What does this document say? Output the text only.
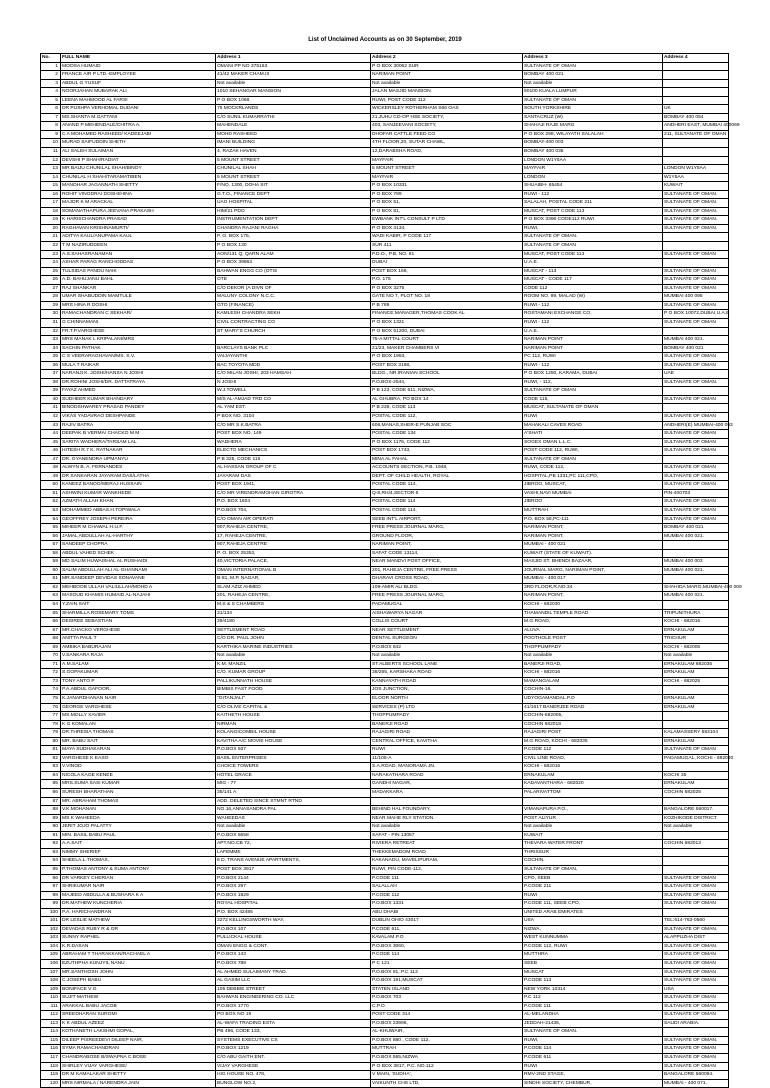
List of Unclaimed Accounts as on 30 September, 2019
No.	FULL NAME	Address 1	Address 2	Address 3	Address 4
1	MOOSA HUMAID	OMANI PP NO 375163	P O BOX 30062 SUR	SULTANATE OF OMAN	
2	FRANCE AIR P LTD.-EMPLOYEE	41/42 MAKER CHAM.III	NARIMAN POINT	BOMBAY 400 021	
3	ABDUL G YUSUF	Not available	Not available	Not available	
4	NOORJAHAN MUBARAK ALI	1010 SEHANGAR MANSION	JALAN MASJID MANSION	50100 KUALA LUMPUR	
5	LEENA MAHMOOD AL FARSI	P O BOX 1068	RUWI, POST CODE 112	SULTANATE OF OMAN	
6	DR PUSHPA VERHOMAL DUDANI	75 MOCKRLANDS	WICKERSLEY ROTHERHAM S66 OAS	SOUTH YORKSHIRE	UK
7	MS.SHANTA M.GATTANI	C/O SUNIL KUMARRATHI	21,JUHU CO-OP HSE SOCIETY,	SANTACRUZ (W)	BOMBAY 400 054
8	ANAND P MEHENDALE/CHITRA A.	MAHENDALE	403, SANJEEVANI SOCIETY,	SHAHAJI RAJE MARG	ANDHERI EAST, MUMBAI 400069
9	C A MOHAMED RASHEED/ KADEEJABI	MOHD RASHEED	DHOFAR CATTLE FEED CO	P O BOX 298, WILAYATH SALALAH	211, SULTANATE OF OMAN
10	MURAD SAIFUDDIN SHETH	IMANI BUILDING	4TH FLOOR,20, SUTAR CHAWL,	BOMBAY-400 003	
11	ALI SALEH SULAIMAN	4, RAZAK HAVEN	12,DARABSHA ROAD,	BOMBAY 400 036	
12	DEVSHI P SHAH/RADIAT	5 MOUNT STREET	MAYFAIR	LONDON W1Y5AA	
13	MR BAIJU CHUNILAL SHAH/BINOY	CHUNILAL SHAH	5 MOUNT STREET	MAYFAIR	LONDON W1Y5AA
14	CHUNILAL H SHAH/TARAMATIBEN	5 MOUNT STREET	MAYFAIR	LONDON	W1Y5AA
15	MANOHAR JAGANNATH SHETTY	F/NO. 1300, DOHA SIT	P O BOX 10331	SHUAIBH- 65454	KUWAIT
16	ROHIT VINODRAI DOSHI/HINA	G.T.O., FINANCE DEPT	P O BOX 789	RUWI - 112	SULTANATE OF OMAN.
17	MAJOR K M ARACKAL	UAG HOSPITAL	P O BOX 51,	SALALAH, POSTAL CODE 211	SULTANATE OF OMAN.
18	SOMANATHAPURA JEEVANA PRAKASH	HIM/21 PDO	P O BOX 81,	MUSCAT, POST CODE 113	SULTANATE OF OMAN.
19	K HARISCHANDRA PRASAD	INSTRUMENTATION DEPT	EWBANK INT'L CONSULT P LTD	P O BOX 3396 CODE112 RUWI	SULTANATE OF OMAN.
20	RAGHAVAN KRISHNAMURTI/	CHANDRA RAJANI RAGHA	P O BOX 3134,	RUWI,	SULTANATE OF OMAN.
21	ADITYA KAUL/ANUPAMA KAUL	P. O. BOX 175,	WADI KABIR, P CODE 117	SULTANATE OF OMAN.	
22	T M NAZIRUDDEEN	P O BOX 130	SUR 411	SULTANATE OF OMAN	
23	A.S.SAHASRANAMAN	AON/131 Q, QARN ALAM	P.D.O., P.B. NO. 81	MUSCAT, POST CODE 113	SULTANATE OF OMAN
24	ASHAR PARAG RANCHODDAS	P O BOX 39863	DUBAI	U.A.E.	
25	TULSIDAS PANDU NAIK	BAHWAN ENGG CO (OTIS	POST BOX 169,	MUSCAT - 113	SULTANATE OF OMAN
26	A.D. BAHUJANU BAHL	OTE	P.O. 175	MUSCAT - CODE 117	SULTANATE OF OMAN
27	RAJ SHANKAR	C/O DEKOR (A DIVN OF	P O BOX 3275	CODE 112	SULTANATE OF OMAN
28	UMAR SHABUDDIN MAMTULE	MALUNY COLONY N.C.C.	GATE NO 7, PLOT NO. 18	ROOM NO. 99, MALAD (W)	MUMBAI 400 095
29	MRS HINA R DOSHI	GTO (FINANCE)	P B 789	RUWI - 112	SULTANATE OF OMAN
30	RAMACHANDRAN C SEKHAR/	KAMLESH CHANDRA SEKH	FINANCE MANAGER,THOMAS COOK AL	ROSTAMANI EXCHANGE CO,	P O BOX 10072,DUBAI,U.A.E
31	G CHINNAMANI	CIVIL CONTRACTING CO	P O BOX 1321	RUWI - 112	SULTANATE OF OMAN
32	FR.T.P.VARGHESE	ST MARY'S CHURCH	P O BOX 51200, DUBAI	U.A.E.	
33	MRS MANAK L KRIPALANI/MRS		75-A MITTAL COURT	NARIMAN POINT	MUMBAI 400 021.
34	SACHIN PATHAK	BARCLAYS BANK PLC	21/23, MAKER CHAMBERS VI	NARIMAN POINT	BOMBAY 400 021
35	C S VEERARAGHAVAN/MS. S.V.	VAIJAYANTHI	P O BOX 1953,	PC 112, RUWI	SULTANATE OF OMAN
36	MULA T RAIKAR	BAC TOYOTA MDD	POST BOX 3168,	RUWI - 112	SULTANATE OF OMAN
37	NARANJI K. JOSHI/HANSA N JOSHI	C/O MILAN JOSHI, 203 HAMSAH	BLDG., NR.IRANIAN SCHOOL	P O BOX 1250, KARAMA, DUBAI	UAE
38	DR.ROHINI JOSHI/DR. DATTATRAYA	N JOSHI	P.O.BOX-2544,	RUWI, - 112,	SULTANATE OF OMAN.
39	FAYAZ AHMED	W.J.TOWELL	P B 123, CODE 611, NIZWA,	SULTANATE OF OMAN	
40	SUDHEER KUMAR BHANDARY	M/S AL-AMJAD TRD CO	AL GHUBRA, PO BOX 14	CODE 115,	SULTANATE OF OMAN
41	BINODSHWAREY PRASAD PANDEY	AL YAM EST.	P B 239, CODE 113	MUSCAT, SULTANATE OF OMAN	
42	VIKAS YADAVRAO DESHPANDE	P BOX NO. 3104	POSTAL CODE 112,	RUWI	SULTANATE OF OMAN
43	RAJIV BATRA	C/O MR S.K.BATRA	606,MANAS,SHER-E PUNJAB SOC	MAHAKALI CAVES ROAD	ANDHERI(E) MUMBAI-400 093
44	DEEPAK B VERMA/ CHACKO M M	POST BOX NO. 149	POSTAL CODE 134	A'SHATI	SULTANATE OF OMAN
45	SARITA WADHERA/TARSAM LAL	WADHERA	P O BOX 1176, CODE 112	SOGEX OMAN L.L.C.	SULTANATE OF OMAN
46	HITESH R.7 K. RATNAKAR	ELECTO MECHANICS	POST BOX 1743,	POST CODE 112, RUWI,	SULTANATE OF OMAN
47	DR. GYANENDRA UPMANYU	P B 325, CODE 116	MINA AL FAHAL	SULTANATE OF OMAN	
48	ALWYN B. A. FERNANDES	AL HASSAN GROUP OF C	ACCOUNTS SECTION, P.B. 1948,	RUWI, CODE 112,	SULTANATE OF OMAN
49	DR SANKARAN JAYARAM DAS/LATHA	JAYARAM DAS	DEPT. OF CHILD HEALTH, ROYAL	HOSPITAL,PB 1331,PC 111,CPO,	SULTANATE OF OMAN
50	KANEEZ BANOO/MERAJ HUSSAIN	POST BOX 1941,	POSTAL CODE 114,	JIBROO, MUSCAT,	SULTANATE OF OMAN
51	ASHWINI KUMAR WANKHEDE	C/O MR VIRENDRAMOHAN GIROTRA	Q-8,RH/4,SECTOR 6	VASHI,NAVI MUMBAI	PIN-400703
52	AZMATH ALLAH KHAN	P.O. BOX 1604	POSTAL CODE 114	JIBROO	SULTANATE OF OMAN
53	MOHAMMED ABBAS.H.TOPIWALA	P.O.BOX 704,	POSTAL CODE 114,	MUTTRAH	SULTANATE OF OMAN
54	GEOFFREY JOSEPH PEREIRA	C/O OMAN AIR OPERATI	SEEB INT'L AIRPORT,	P.O. BOX 58,PC-111	SULTANATE OF OMAN
55	MIHEER M CHAWAL H.U.F.	907,RAHEJA CENTRE,	FREE PRESS JOURNAL MARG,	NARIMAN POINT,	BOMBAY 400 021
56	JAMAL ABDULLAH AL-HARTHY	17, RAHEJA CENTRE,	GROUND FLOOR,	NARIMAN POINT,	MUMBAI 400 021.
57	SANDEEP CHOPRA	907,RAHEJA CENTRE	NARIMAN POINT,	MUMBAI - 400 021	
58	ABDUL VAHED SCHEK	P. O. BOX 25353,	SAFAT CODE 13114,	KUWAIT (STATE OF KUWAIT).	
59	MD SALIM HUWAISHAL AL RUSHAIDI	40,VICTORIA PALACE,	NEAR MANDVI POST OFFICE,	MASJID ST. BHENDI BAZAAR,	MUMBAI 400 003
60	SALIM ABDULLAH ALI AL-GHANNAMI	OMAN INTERNATIONAL B	201, RAHEJA CENTRE, FREE PRESS	JOURNAL MARG, NARIMAN POINT,	MUMBAI 400 021.
61	MR.SANDEEP DEVIDAS SONAVANE	B-81, M.P. NAGAR,	DHARAVI CROSS ROAD,	MUMBAI - 400 017	
62	MEHBOOB ULLAH VALIULLAH/MOHD A	SLAM AZIZ AHMED	109-AMIR ALI BLDG.	3RD FLOOR,R.NO.34	SHAHIDA MARG,MUMBAI-400 009
63	MASOUD KHAMIS HUMAID AL-NAJAHI	201, RAHEJA CENTRE,	FREE PRESS JOURNAL MARG,	NARIMAN POINT,	MUMBAI 400 021.
64	Y.ZAIN SAIT	M.S & S CHAMBERS	PADAMUGAL	KOCHI - 682030	
65	SHARMILLA ROSEMARY TOMS	31/134	AISHAWARYA NAGAR	THAMANDIL TEMPLE ROAD	TRIPUNITHURA
66	DESIREE SEBASTIAN	39/4180	COLLIS COURT	M.G.ROAD,	KOCHI - 682016
67	MR.CHACKO VERGHESE	SETTLEMENT ROAD	NEAR SETTLEMENT	ALUVA	ERNAKULAM
68	ANITTA PAUL T	C/O DR. PAUL JOHN	DENTAL SURGEON	POOTHOLE POST	TRICHUR
69	AMBIKA BABURAJAN	KARTHIKA MARINE INDUSTRIES	P.O.BOX 842	THOPPUMPADY	KOCHI - 682005
70	V.SANKARA RAJA	Not available	Not available	Not available	Not available
71	A.M.SALAM	K.M. MANZIL	ST.ALBERTS SCHOOL LANE	BANERJI ROAD,	ERNAKULAM 682035
72	S.GOPAKUMAR	C/O. KUMAR GROUP	38/265, KARSHAKA ROAD	KOCHI - 682016	ERNAKULAM
73	TONY ANTO P	PALLIKUNNATH HOUSE	KANNAYATH ROAD	MAMANGALAM	KOCHI - 682025
74	P.A.ABDUL GAFOOR,	BIMBIS FAST FOOD	JOS JUNCTION,	COCHIN-16.	
75	K.JANARDHANAN NAIR	"GITANJALI"	ELOOR NORTH	UDYOGAMANDAL.P.O	ERNAKULAM
76	GEORGE VARGHESE	C/O OLIVE CAPITAL &	SERVICES (P) LTD	41/1617 BANERJEE ROAD	ERNAKULAM
77	MS.MOLLY XAVIER	KAITHETH HOUSE	THOPPUMPADY	COCHIN-682005,	
78	K G KOMALAN	NIRMAN	BANERJI ROAD	COCHIN 682018	
79	DR.THRESIA THOMAS	KOLANGICOMBIL HOUSE	RAJAGIRI ROAD	RAJAGIRI POST	KALAMASSERY 683104
80	MR. BABU SAIT	KAVITHA A/C MOVIE HOUSE	CENTRAL OFFICE, KAVITHA	M.G.ROAD, KOCHI - 682035	ERNAKULAM
81	MAYA SUDHAKARAN	P.O.BOX 937	RUWI	P.CODE 112	SULTANATE OF OMAN
82	VARGHESE K EASO	BASIL ENTERPRISES	11/105-A	CIVIL LINE ROAD,	PADAMUGAL, KOCHI - 682030
83	V.VINOD	CHOICE TOWERS	S.A.ROAD, MANORAMA JN.	KOCHI - 682016	
84	NICOLA KAGE KENEE	HOTEL GRACE	NARAKATHARA ROAD	ERNAKULAM	KOCHI 35
85	MRS.SUMA SASI KUMAR	MIG - 77	GANDHI NAGAR,	KADAVANTHARA - 682020	ERNAKULAM
86	SURESH BHARATHAN	35/141 A	MADAKKARA	PALARIVATTOM	COCHIN 682025
87	MR. ABRAHAM THOMAS	ADD. DELETED SINCE STMNT RTND			
88	V.K.MOHANAN	NO.16,ANNASANDRA PAL	BEHIND HAL FOUNDARY,	VIMANAPURA P.O.,	BANGALORE 560017.
89	MS K WAHEEDA	WAHEEDAS	NEAR MAHE RLY STATION	POST ALIYUR	KOZHIKODE DISTRICT
90	JERIT JOJO PALATTY	Not available	Not available	Not available	Not available
91	MIN. BASIL BABU PAUL	P.O.BOX 5658	SAFAT - PIN 13057	KUWAIT	
92	A.A.SAIT	APT.NO.CB 72,	RIVIERA RETREAT	THEVARA WATER FRONT	COCHIN 682013
93	NIMMY SHERIEF	LAFEMME	THEKKEMADOM ROAD	THRISSUR	
94	SHEELA.L.THOMAS,	6 D, TRANS AVENUE APARTMENTS,	KAKANADU, MAVELIPURAM,	COCHIN.	
95	P.THOMAS ANTONY & SUMA ANTONY	POST BOX 3917	RUWI, PIN CODE-112,	SULTANATE OF OMAN,	
96	DR VARKEY CHERIAN	P.O.BOX 2144	P.CODE 111	CPO, SEEB	SULTANATE OF OMAN
97	SHRIKUMAR NAIR	P.O.BOX 297	SALALLAH	P.CODE 211	SULTANATE OF OMAN
98	MAJEED ABDULLA & BUSHARA K A	P.O.BOX 1829	P.CODE 112	RUWI	SULTANATE OF OMAN
99	DR.MATHEW KUNCHERIA	ROYAL HOSPITAL	P.O.BOX 1331	P.CODE 111, SEEB CPO,	SULTANATE OF OMAN
100	P.A. HARICHANDRAN	P.O. BOX 42485	ABU DHABI	UNITED ARAB EMIRATES	
101	DR LESLIE MATHEW	3272 KELLINGSWORTH WAY,	DUBLIN OHIO 43017	USA	TEL:614-763-0560
102	DEVADAS RUBY R & GR	P.O.BOX 107	P.CODE 611,	NIZWA,	SULTANATE OF OMAN.
103	SUNNY RAPHEL	PULLICKAL HOUSE	KAVALAM.P.O	WEST KUNNUMMA	ALAPPUZHA DIST
104	K.R.DASAN	OMAN ENGG & CONT.	P.O.BOX 3060,	P.CODE 112, RUWI	SULTANATE OF OMAN.
105	ABRAHAM T THARAKKAN/RACHAEL A	P.O.BOX 143	P.CODE 114	MUTTHRA	SULTANATE OF OMAN
106	EZUTHPHA KUNJYIL NANU	P.O.BOX 788	P C 121	SEEB	SULTANATE OF OMAN
107	MR.SANTHOSH JOHN	AL AHMED SULAIMANY TRAD.	P.O.BOX 81, P.C 113	MUSCAT	SULTANATE OF OMAN
108	C.JOSEPH BABU	AL GASIM LLC	P.O.BOX 191,MUSCAT	P.CODE 113	SULTANATE OF OMAN
109	BONIFACE V G	105 DEBBIE STREET	STATEN ISLAND	NEW YORK 10314	USA
110	SUJIT MATHEW	BAHWAN ENGINEERING CO. LLC	P.O.BOX 703	P.C 112	SULTANATE OF OMAN
111	ARAKKAL BABU JACOB	P.O.BOX 1770	C.P.O	P.CODE 111	SULTANATE OF OMAN
112	SREEDHARAN SUROMI	PO BOX NO 19	POST CODE 314	AL-MELANDHA	SULTANATE OF OMAN
113	K K ABDUL AZEEZ	AL-WAFA TRADING ESTA	P.O.BOX 23996,	JEDDAH-21436,	SAUDI ARABIA.
114	KOTHANETH LAKSHMI GOPAL,	PB 496, CODE 133,	AL-KHUWAIR,	SULTANATE OF OMAN.	
115	DILEEP P/SREEDEVI DILEEP NAIR,	SYSTEMS EXECUTIVE CS	P.O.BOX 880 , CODE 112,	RUWI,	SULTANATE OF OMAN.
116	SYMA RAMACHANDRAN	P.O.BOX 1219	MUTTRAH	P.CODE 114	SULTANATE OF OMAN
117	CHANDRABOSE B/SWAPNA C BOSE	C/O ABU GAITH ENT.	P.O.BOX 555,NIZWA	P.CODE 611	SULTANATE OF OMAN
118	SHIRLEY VIJAY VARGHESE/	VIJAY VARGHESE	P O BOX 3817, P.C. NO.112	RUWI	SULTANATE OF OMAN
119	DR M KAMALAKAR SHETTY	HIG HOUSE NO. 478,	V MAIN, 'SUDHA',	RMV-2ND STAGE,	BANGALORE 560094.
120	MRS NIRMALA / NARENDRA JAIN	BUNGLOW NO.2,	VAIKUNTH CHS LTD,	SINDHI SOCIETY, CHEMBUR,	MUMBAI - 400 071.
